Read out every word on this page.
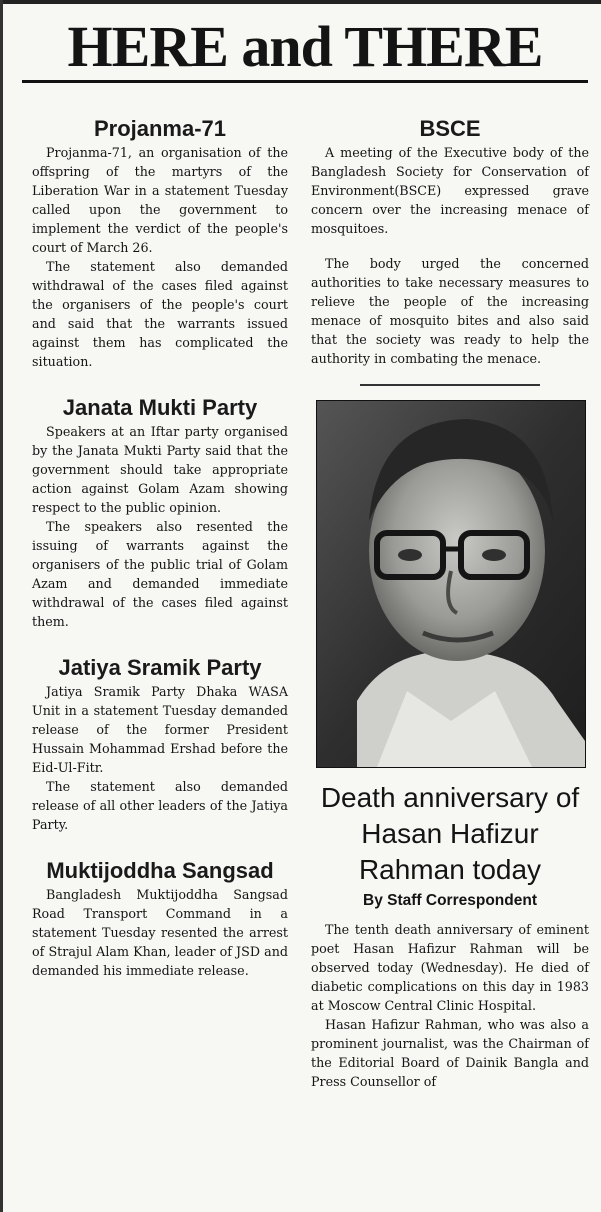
HERE and THERE
Projanma-71

Projanma-71, an organisation of the offspring of the martyrs of the Liberation War in a statement Tuesday called upon the government to implement the verdict of the people's court of March 26.

The statement also demanded withdrawal of the cases filed against the organisers of the people's court and said that the warrants issued against them has complicated the situation.

Janata Mukti Party

Speakers at an Iftar party organised by the Janata Mukti Party said that the government should take appropriate action against Golam Azam showing respect to the public opinion.

The speakers also resented the issuing of warrants against the organisers of the public trial of Golam Azam and demanded immediate withdrawal of the cases filed against them.

Jatiya Sramik Party

Jatiya Sramik Party Dhaka WASA Unit in a statement Tuesday demanded release of the former President Hussain Mohammad Ershad before the Eid-Ul-Fitr.

The statement also demanded release of all other leaders of the Jatiya Party.

Muktijoddha Sangsad

Bangladesh Muktijoddha Sangsad Road Transport Command in a statement Tuesday resented the arrest of Strajul Alam Khan, leader of JSD and demanded his immediate release.

BSCE

A meeting of the Executive body of the Bangladesh Society for Conservation of Environment(BSCE) expressed grave concern over the increasing menace of mosquitoes.

The body urged the concerned authorities to take necessary measures to relieve the people of the increasing menace of mosquito bites and also said that the society was ready to help the authority in combating the menace.

Death anniversary of Hasan Hafizur Rahman today
By Staff Correspondent

The tenth death anniversary of eminent poet Hasan Hafizur Rahman will be observed today (Wednesday). He died of diabetic complications on this day in 1983 at Moscow Central Clinic Hospital.

Hasan Hafizur Rahman, who was also a prominent journalist, was the Chairman of the Editorial Board of Dainik Bangla and Press Counsellor of
